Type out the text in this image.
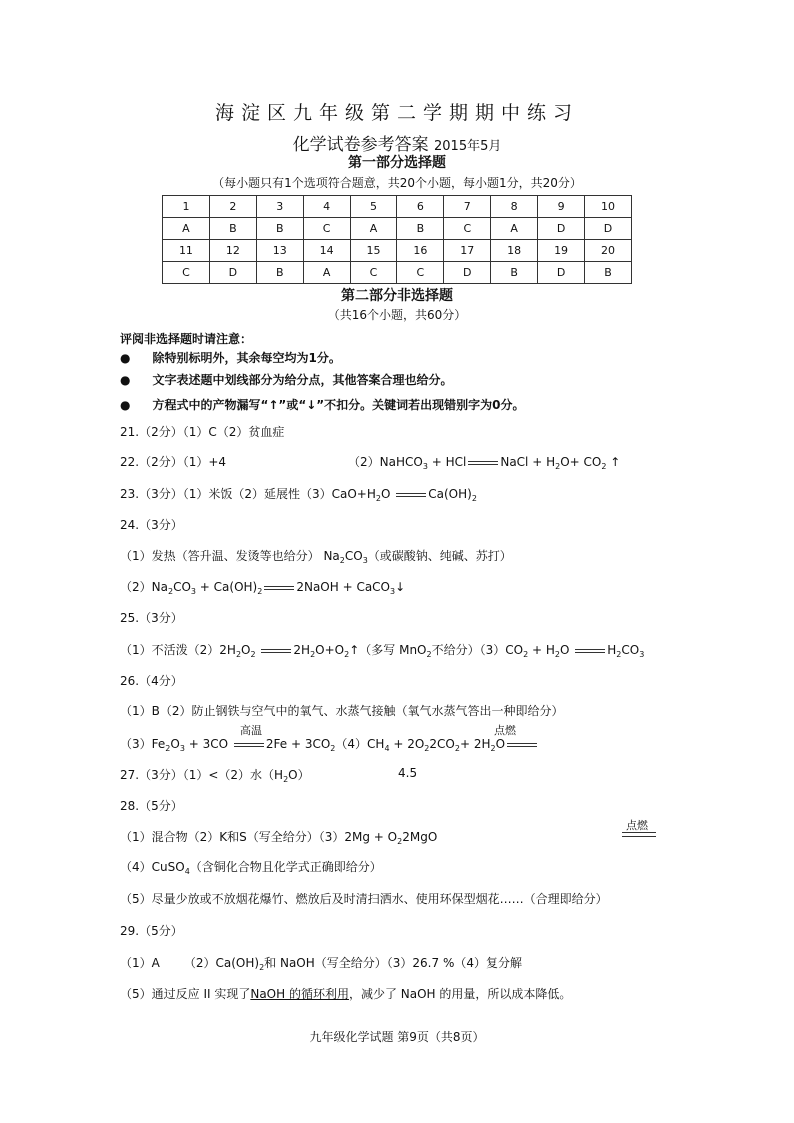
海淀区九年级第二学期期中练习
化学试卷参考答案 2015年5月
第一部分选择题
（每小题只有1个选项符合题意，共20个小题，每小题1分，共20分）
1	2	3	4	5	6	7	8	9	10
A	B	B	C	A	B	C	A	D	D
11	12	13	14	15	16	17	18	19	20
C	D	B	A	C	C	D	B	D	B
第二部分非选择题
（共16个小题，共60分）
评阅非选择题时请注意：
● 除特别标明外，其余每空均为1分。
● 文字表述题中划线部分为给分点，其他答案合理也给分。
● 方程式中的产物漏写“↑”或“↓”不扣分。关键词若出现错别字为0分。
21.（2分）（1）C（2）贫血症
22.（2分）（1）+4	（2）NaHCO$_3$ + HCl	NaCl + $H_2O+ CO_2$ ↑
23.（3分）（1）米饭（2）延展性$(3)CaO+H_2O$	$Ca(OH)_2$
24.（3分）
（1）发热（答升温、发烫等也给分） $Na_2CO_3$（或碳酸钠、纯碱、苏打）
$(2)Na_2CO_3 + Ca(OH)_2$	2NaOH + CaCO$_3$↓
25.（3分）
（1）不活泼$(2)2H_2O_2$	$2H_2O+O_2↑$（多写 MnO$_2$不给分）$(3)CO_2 + H_2O$	$H_2CO_3$
26.（4分）
（1）B（2）防止钢铁与空气中的氧气、水蒸气接触（氧气水蒸气答出一种即给分）
高温	点燃
$(3)Fe_2O_3 + 3CO$	$2Fe + 3CO_2(4)CH_4 + 2O_22CO_2+ 2H_2O$
27.（3分）（1）<（2）水$(H_2O)$	4.5
28.（5分）
点燃
（1）混合物（2）K和S（写全给分）$(3)2Mg + O_22MgO$
（4）CuSO$_4$（含铜化合物且化学式正确即给分）
（5）尽量少放或不放烟花爆竹、燃放后及时清扫洒水、使用环保型烟花……（合理即给分）
29.（5分）
（1）A $(2)Ca(OH)_2$和 NaOH（写全给分）（3）26.7 %（4）复分解
（5）通过反应 II 实现了NaOH 的循环利用，减少了 NaOH 的用量，所以成本降低。
九年级化学试题 第9页（共8页）
